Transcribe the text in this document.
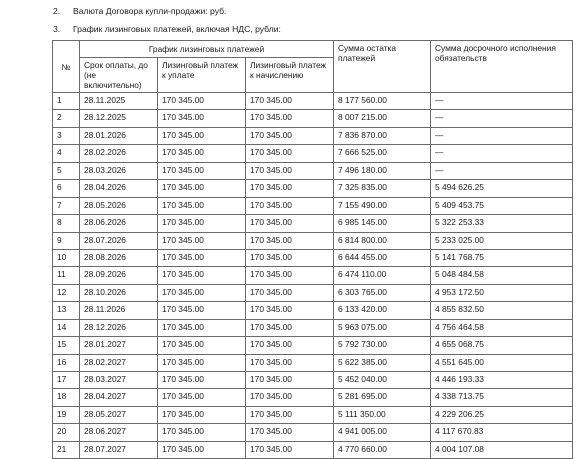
2. Валюта Договора купли-продажи: руб.
3. График лизинговых платежей, включая НДС, рубли:
№	График лизинговых платежей			Сумма остатка платежей	Сумма досрочного исполнения обязательств
	Срок оплаты, до (не включительно)	Лизинговый платеж к уплате	Лизинговый платеж к начислению		
1	28.11.2025	170 345.00	170 345.00	8 177 560.00	—
2	28.12.2025	170 345.00	170 345.00	8 007 215.00	—
3	28.01.2026	170 345.00	170 345.00	7 836 870.00	—
4	28.02.2026	170 345.00	170 345.00	7 666 525.00	—
5	28.03.2026	170 345.00	170 345.00	7 496 180.00	—
6	28.04.2026	170 345.00	170 345.00	7 325 835.00	5 494 626.25
7	28.05.2026	170 345.00	170 345.00	7 155 490.00	5 409 453.75
8	28.06.2026	170 345.00	170 345.00	6 985 145.00	5 322 253.33
9	28.07.2026	170 345.00	170 345.00	6 814 800.00	5 233 025.00
10	28.08.2026	170 345.00	170 345.00	6 644 455.00	5 141 768.75
11	28.09.2026	170 345.00	170 345.00	6 474 110.00	5 048 484.58
12	28.10.2026	170 345.00	170 345.00	6 303 765.00	4 953 172.50
13	28.11.2026	170 345.00	170 345.00	6 133 420.00	4 855 832.50
14	28.12.2026	170 345.00	170 345.00	5 963 075.00	4 756 464.58
15	28.01.2027	170 345.00	170 345.00	5 792 730.00	4 655 068.75
16	28.02.2027	170 345.00	170 345.00	5 622 385.00	4 551 645.00
17	28.03.2027	170 345.00	170 345.00	5 452 040.00	4 446 193.33
18	28.04.2027	170 345.00	170 345.00	5 281 695.00	4 338 713.75
19	28.05.2027	170 345.00	170 345.00	5 111 350.00	4 229 206.25
20	28.06.2027	170 345.00	170 345.00	4 941 005.00	4 117 670.83
21	28.07.2027	170 345.00	170 345.00	4 770 660.00	4 004 107.08
